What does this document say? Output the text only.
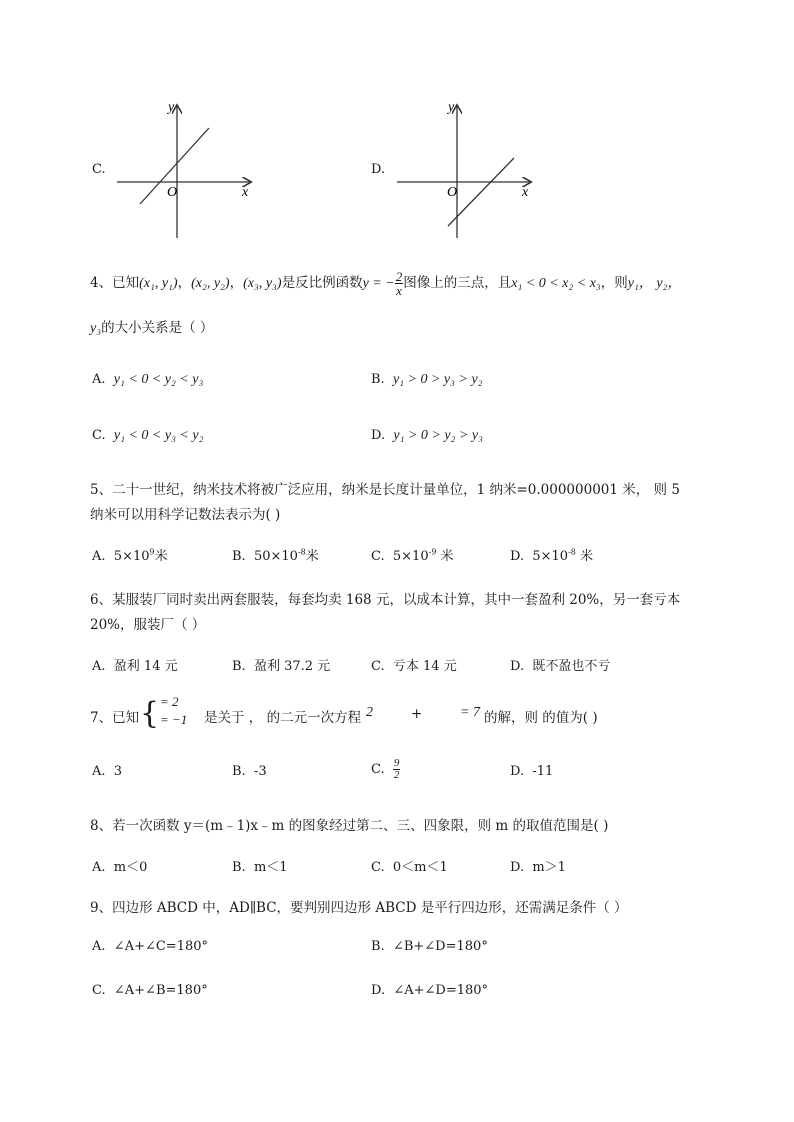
C.
y
x
O
D.
y
x
O
4、已知(x₁, y₁)，(x₂, y₂)，(x₃, y₃)是反比例函数y = − $\frac{2}{x}$ 图像上的三点，且x₁ < 0 < x₂ < x₃，则y₁， y₂，
y₃的大小关系是（ ）
A. y₁ < 0 < y₂ < y₃	B. y₁ > 0 > y₃ > y₂
C. y₁ < 0 < y₃ < y₂	D. y₁ > 0 > y₂ > y₃
5、二十一世纪，纳米技术将被广泛应用，纳米是长度计量单位，1 纳米=0.000000001 米， 则 5
纳米可以用科学记数法表示为( )
A. $5\times 10^9$米	B. $50\times 10^{-8}$米	C. $5\times 10^{-9}$ 米	D. $5\times 10^{-8}$ 米
6、某服装厂同时卖出两套服装，每套均卖 168 元，以成本计算，其中一套盈利 20%，另一套亏本
20%，服装厂（ ）
A. 盈利 14 元	B. 盈利 37.2 元	C. 亏本 14 元	D. 既不盈也不亏
7、已知 { = 2
= −1 是关于 ， 的二元一次方程 2	+	= 7 的解，则 的值为( )
A. 3	B. -3	C. $\frac{9}{2}$	D. -11
8、若一次函数 y＝(m﹣1)x﹣m 的图象经过第二、三、四象限，则 m 的取值范围是( )
A. m＜0	B. m＜1	C. 0＜m＜1	D. m＞1
9、四边形 ABCD 中，AD∥BC，要判别四边形 ABCD 是平行四边形，还需满足条件（ ）
A. ∠A+∠C=180°	B. ∠B+∠D=180°
C. ∠A+∠B=180°	D. ∠A+∠D=180°
